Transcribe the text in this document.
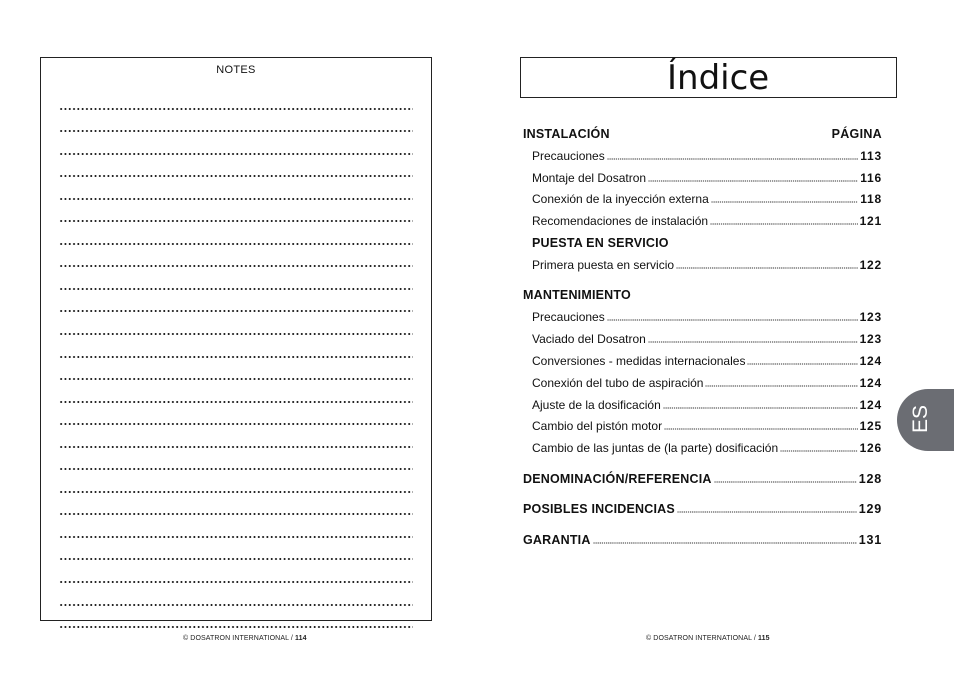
NOTES
© DOSATRON INTERNATIONAL / 114
Índice
INSTALACIÓN	PÁGINA
Precauciones	113
Montaje del Dosatron	116
Conexión de la inyección externa	118
Recomendaciones de instalación	121
PUESTA EN SERVICIO
Primera puesta en servicio	122
MANTENIMIENTO
Precauciones	123
Vaciado del Dosatron	123
Conversiones - medidas internacionales	124
Conexión del tubo de aspiración	124
Ajuste de la dosificación	124
Cambio del pistón motor	125
Cambio de las juntas de (la parte) dosificación	126
DENOMINACIÓN/REFERENCIA	128
POSIBLES INCIDENCIAS	129
GARANTIA	131
ES
© DOSATRON INTERNATIONAL / 115
